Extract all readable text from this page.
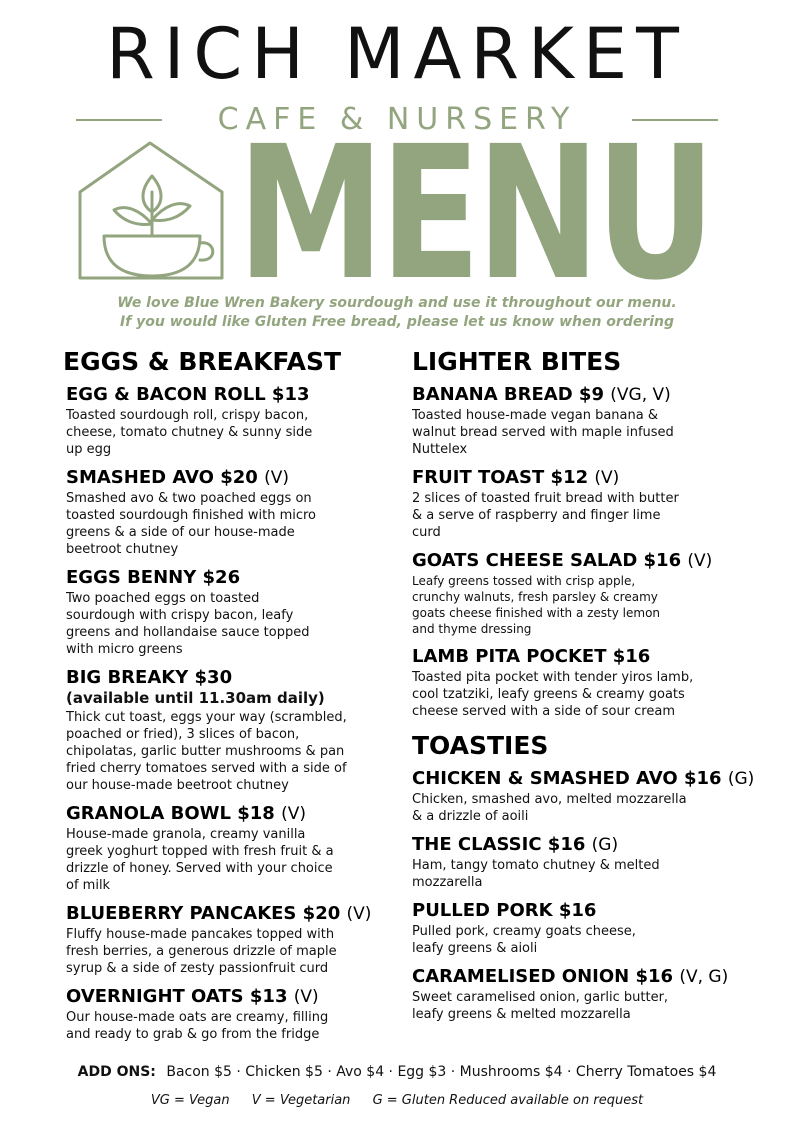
RICH MARKET
CAFE & NURSERY
MENU
We love Blue Wren Bakery sourdough and use it throughout our menu.
If you would like Gluten Free bread, please let us know when ordering
EGGS & BREAKFAST
EGG & BACON ROLL $13
Toasted sourdough roll, crispy bacon,
cheese, tomato chutney & sunny side
up egg
SMASHED AVO $20 (V)
Smashed avo & two poached eggs on
toasted sourdough finished with micro
greens & a side of our house-made
beetroot chutney
EGGS BENNY $26
Two poached eggs on toasted
sourdough with crispy bacon, leafy
greens and hollandaise sauce topped
with micro greens
BIG BREAKY $30
(available until 11.30am daily)
Thick cut toast, eggs your way (scrambled,
poached or fried), 3 slices of bacon,
chipolatas, garlic butter mushrooms & pan
fried cherry tomatoes served with a side of
our house-made beetroot chutney
GRANOLA BOWL $18 (V)
House-made granola, creamy vanilla
greek yoghurt topped with fresh fruit & a
drizzle of honey. Served with your choice
of milk
BLUEBERRY PANCAKES $20 (V)
Fluffy house-made pancakes topped with
fresh berries, a generous drizzle of maple
syrup & a side of zesty passionfruit curd
OVERNIGHT OATS $13 (V)
Our house-made oats are creamy, filling
and ready to grab & go from the fridge
LIGHTER BITES
BANANA BREAD $9 (VG, V)
Toasted house-made vegan banana &
walnut bread served with maple infused
Nuttelex
FRUIT TOAST $12 (V)
2 slices of toasted fruit bread with butter
& a serve of raspberry and finger lime
curd
GOATS CHEESE SALAD $16 (V)
Leafy greens tossed with crisp apple,
crunchy walnuts, fresh parsley & creamy
goats cheese finished with a zesty lemon
and thyme dressing
LAMB PITA POCKET $16
Toasted pita pocket with tender yiros lamb,
cool tzatziki, leafy greens & creamy goats
cheese served with a side of sour cream
TOASTIES
CHICKEN & SMASHED AVO $16 (G)
Chicken, smashed avo, melted mozzarella
& a drizzle of aoili
THE CLASSIC $16 (G)
Ham, tangy tomato chutney & melted
mozzarella
PULLED PORK $16
Pulled pork, creamy goats cheese,
leafy greens & aioli
CARAMELISED ONION $16 (V, G)
Sweet caramelised onion, garlic butter,
leafy greens & melted mozzarella
ADD ONS: Bacon $5 · Chicken $5 · Avo $4 · Egg $3 · Mushrooms $4 · Cherry Tomatoes $4
VG = Vegan V = Vegetarian G = Gluten Reduced available on request
